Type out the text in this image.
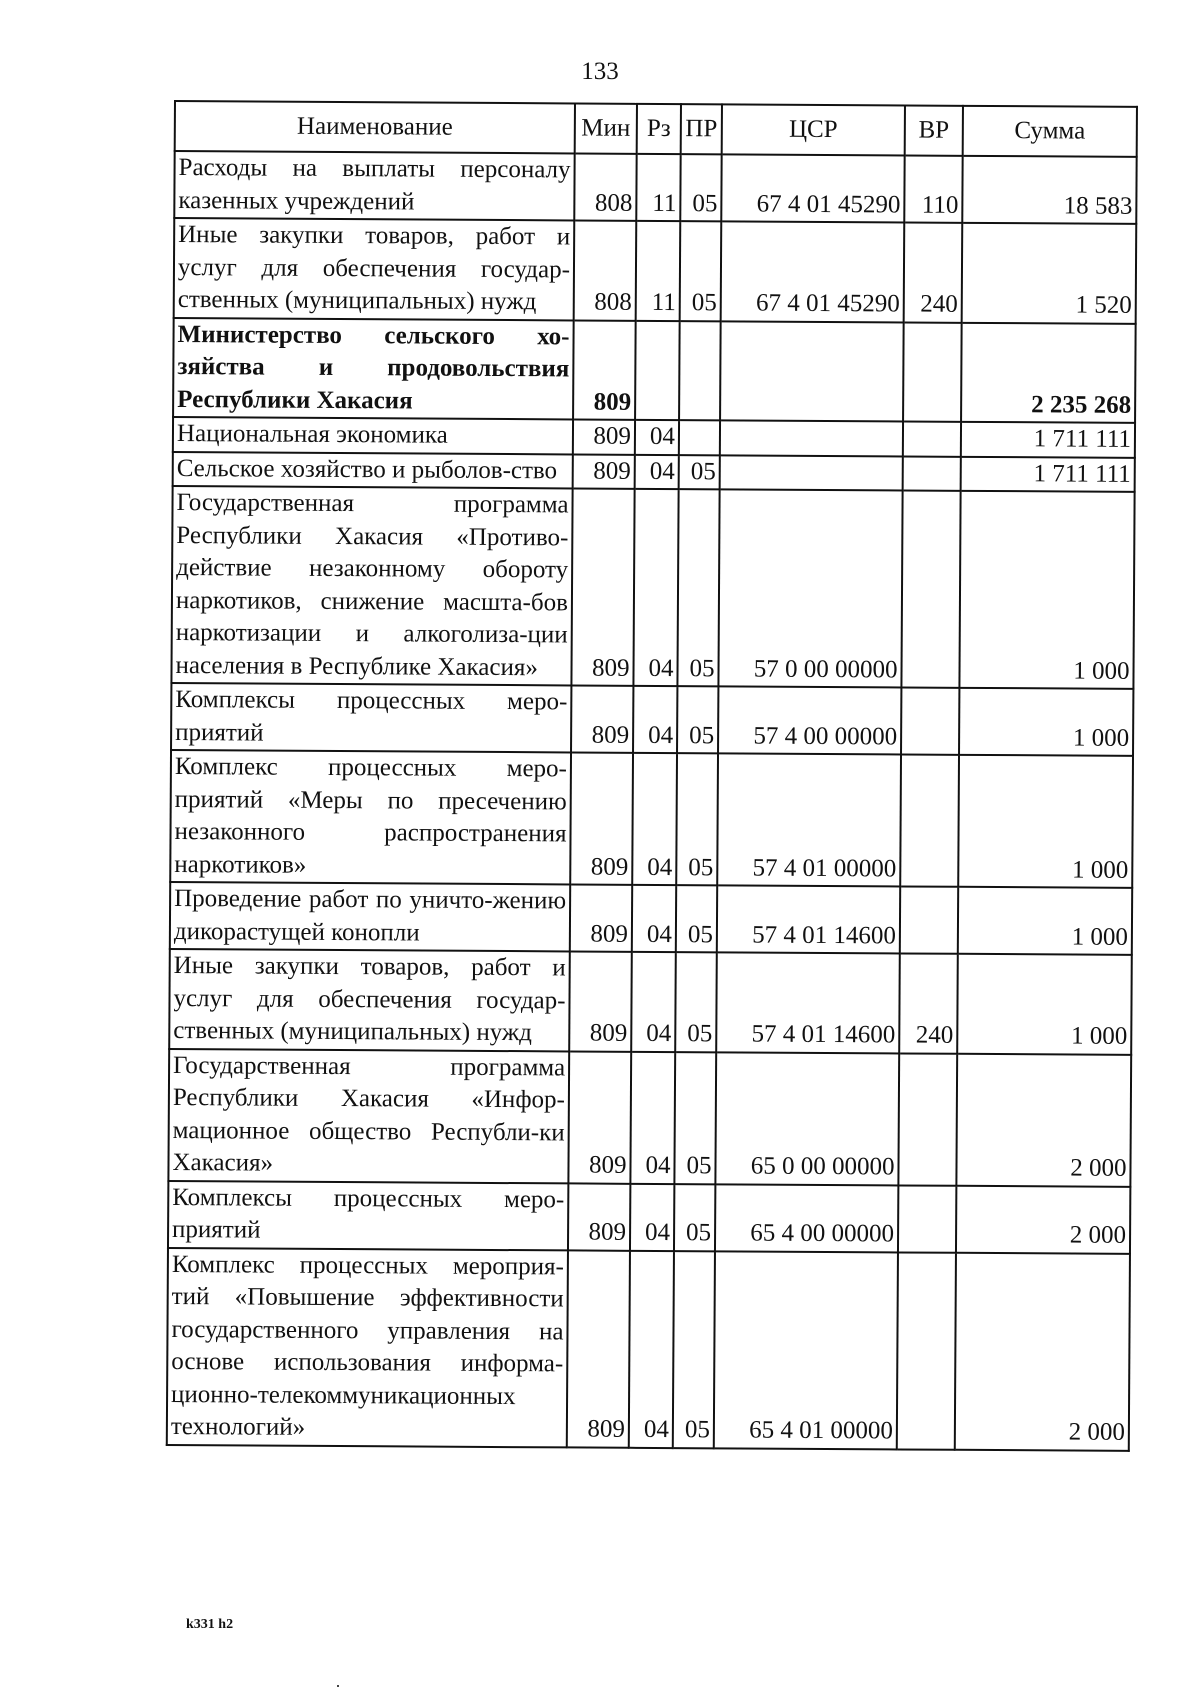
133
Наименование	Мин	Рз	ПР	ЦСР	ВР	Сумма
Расходы на выплаты персоналу казенных учреждений	808	11	05	67 4 01 45290	110	18 583
Иные закупки товаров, работ и услуг для обеспечения государ-ственных (муниципальных) нужд	808	11	05	67 4 01 45290	240	1 520
Министерство сельского хо-зяйства и продовольствия Республики Хакасия	809					2 235 268
Национальная экономика	809	04				1 711 111
Сельское хозяйство и рыболов-ство	809	04	05			1 711 111
Государственная программа Республики Хакасия «Противо-действие незаконному обороту наркотиков, снижение масшта-бов наркотизации и алкоголиза-ции населения в Республике Хакасия»	809	04	05	57 0 00 00000		1 000
Комплексы процессных меро-приятий	809	04	05	57 4 00 00000		1 000
Комплекс процессных меро-приятий «Меры по пресечению незаконного распространения наркотиков»	809	04	05	57 4 01 00000		1 000
Проведение работ по уничто-жению дикорастущей конопли	809	04	05	57 4 01 14600		1 000
Иные закупки товаров, работ и услуг для обеспечения государ-ственных (муниципальных) нужд	809	04	05	57 4 01 14600	240	1 000
Государственная программа Республики Хакасия «Инфор-мационное общество Республи-ки Хакасия»	809	04	05	65 0 00 00000		2 000
Комплексы процессных меро-приятий	809	04	05	65 4 00 00000		2 000
Комплекс процессных мероприя-тий «Повышение эффективности государственного управления на основе использования информа-ционно-телекоммуникационных технологий»	809	04	05	65 4 01 00000		2 000
k331 h2
